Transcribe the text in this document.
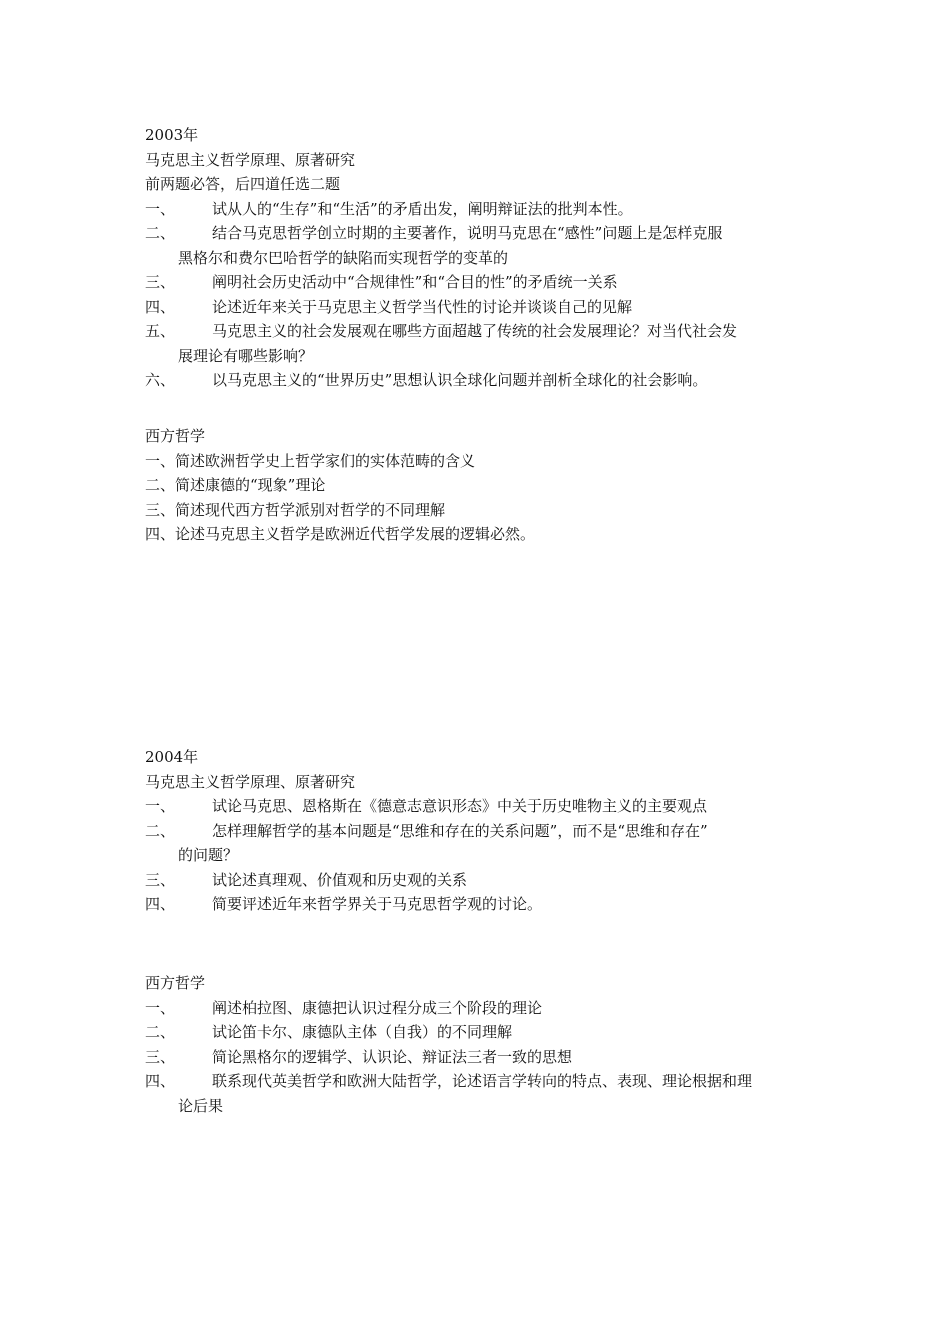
2003年
马克思主义哲学原理、原著研究
前两题必答，后四道任选二题
一、 试从人的“生存”和“生活”的矛盾出发，阐明辩证法的批判本性。
二、 结合马克思哲学创立时期的主要著作，说明马克思在“感性”问题上是怎样克服
黑格尔和费尔巴哈哲学的缺陷而实现哲学的变革的
三、 阐明社会历史活动中“合规律性”和“合目的性”的矛盾统一关系
四、 论述近年来关于马克思主义哲学当代性的讨论并谈谈自己的见解
五、 马克思主义的社会发展观在哪些方面超越了传统的社会发展理论？对当代社会发
展理论有哪些影响？
六、 以马克思主义的“世界历史”思想认识全球化问题并剖析全球化的社会影响。
西方哲学
一、简述欧洲哲学史上哲学家们的实体范畴的含义
二、简述康德的“现象”理论
三、简述现代西方哲学派别对哲学的不同理解
四、论述马克思主义哲学是欧洲近代哲学发展的逻辑必然。
2004年
马克思主义哲学原理、原著研究
一、 试论马克思、恩格斯在《德意志意识形态》中关于历史唯物主义的主要观点
二、 怎样理解哲学的基本问题是“思维和存在的关系问题”，而不是“思维和存在”
的问题？
三、 试论述真理观、价值观和历史观的关系
四、 简要评述近年来哲学界关于马克思哲学观的讨论。
西方哲学
一、 阐述柏拉图、康德把认识过程分成三个阶段的理论
二、 试论笛卡尔、康德队主体（自我）的不同理解
三、 简论黑格尔的逻辑学、认识论、辩证法三者一致的思想
四、 联系现代英美哲学和欧洲大陆哲学，论述语言学转向的特点、表现、理论根据和理
论后果
